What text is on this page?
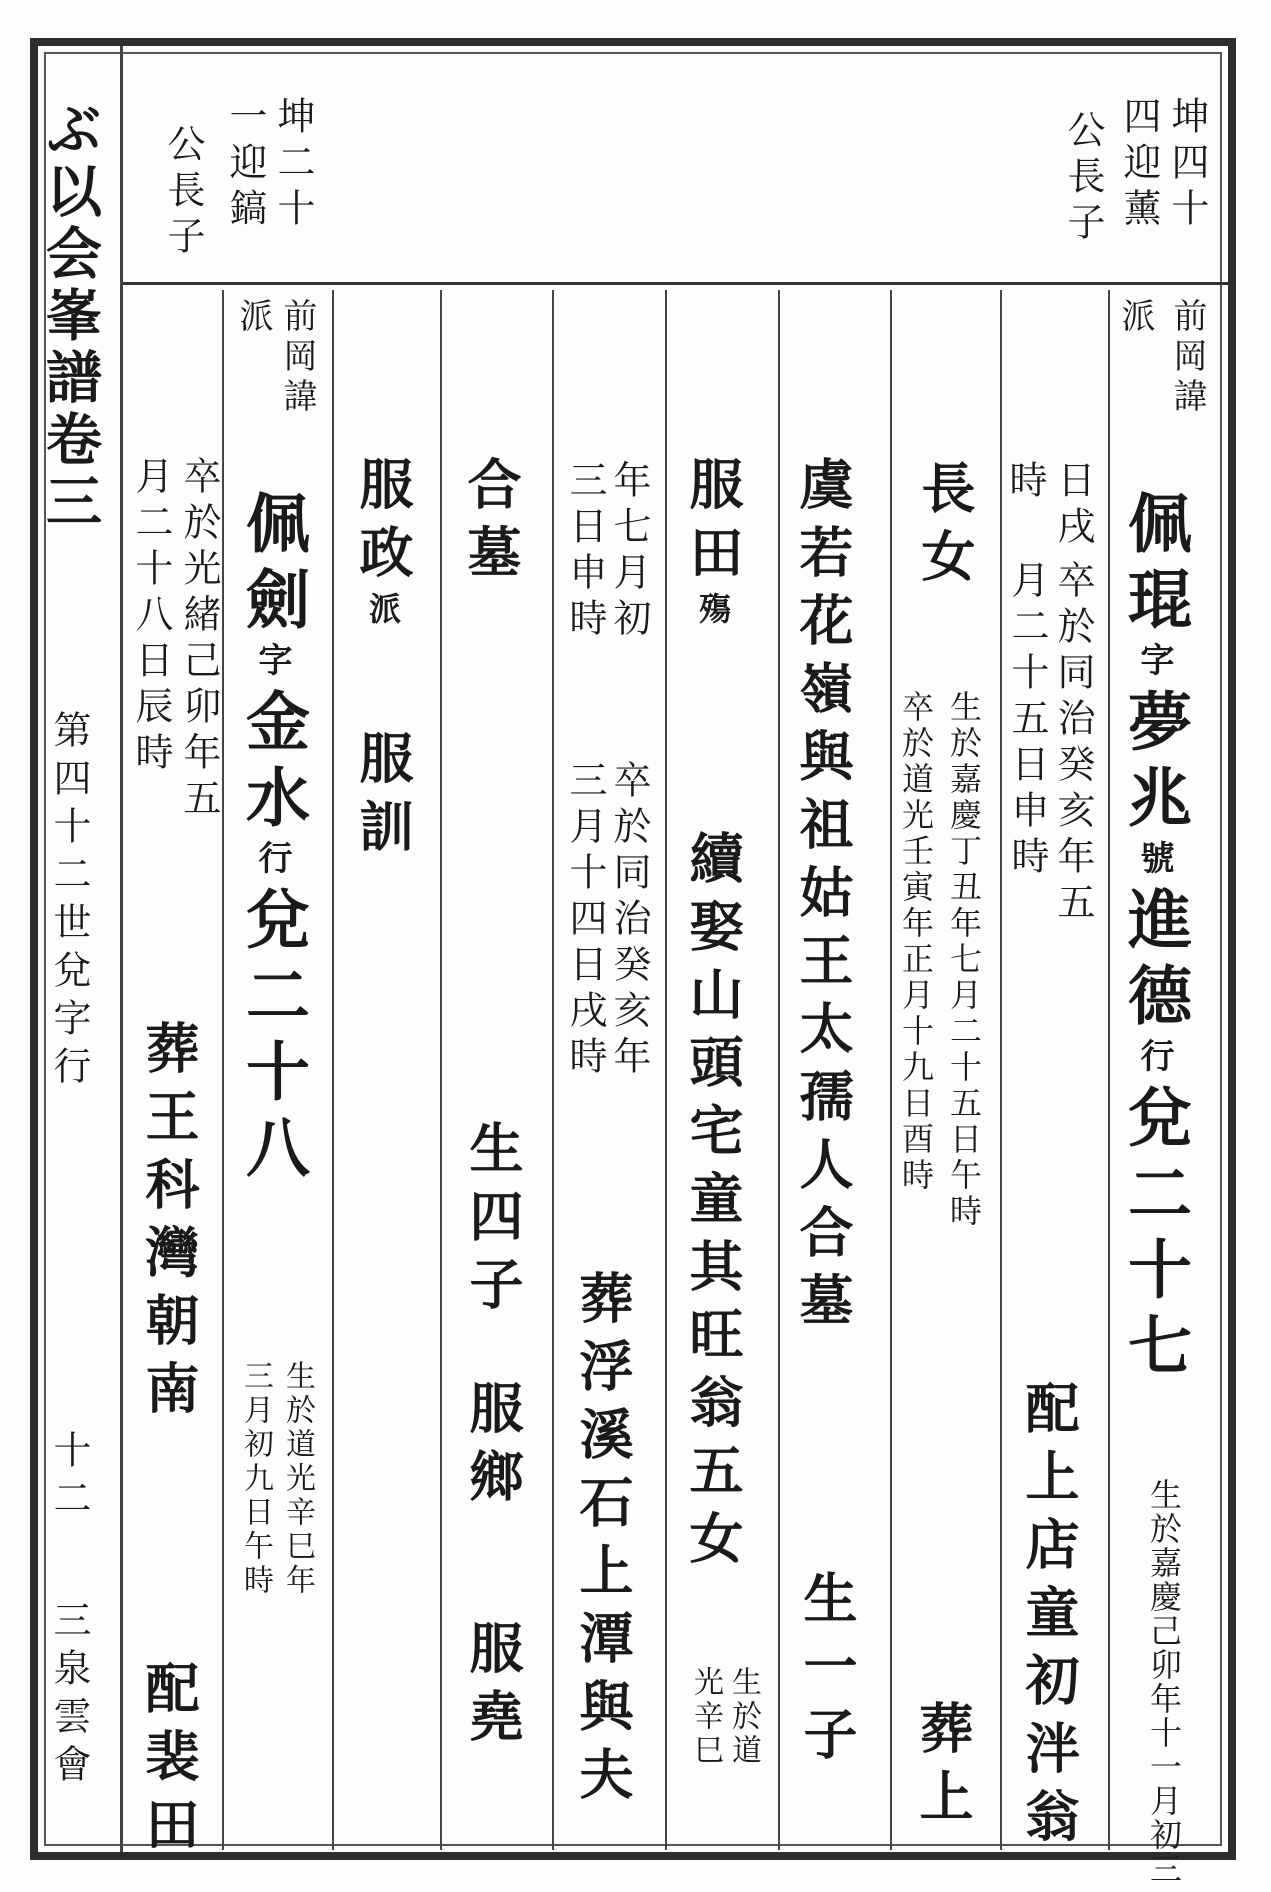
ぶ以会峯譜卷三
第四十二世兌字行
十二
三泉雲會
坤四十
四迎薰
公長子
坤二十
一迎鎬
公長子
前岡諱
派
佩琨字夢兆號進德行兌二十七
生於嘉慶己卯年十一月初三
日戌
時
卒於同治癸亥年五
月二十五日申時
配上店童初泮翁
長女
生於嘉慶丁丑年七月二十五日午時
卒於道光壬寅年正月十九日酉時
葬上
虞若花嶺與祖姑王太孺人合墓
生一子
服田殤
續娶山頭宅童其旺翁五女
生於道
光辛巳
年七月初
三日申時
卒於同治癸亥年
三月十四日戌時
葬浮溪石上潭與夫
合墓
生四子
服鄉
服堯
服政派
服訓
前岡諱
派
佩劍字金水行兌二十八
生於道光辛巳年
三月初九日午時
卒於光緒己卯年五
月二十八日辰時
葬王科灣朝南
配裴田
